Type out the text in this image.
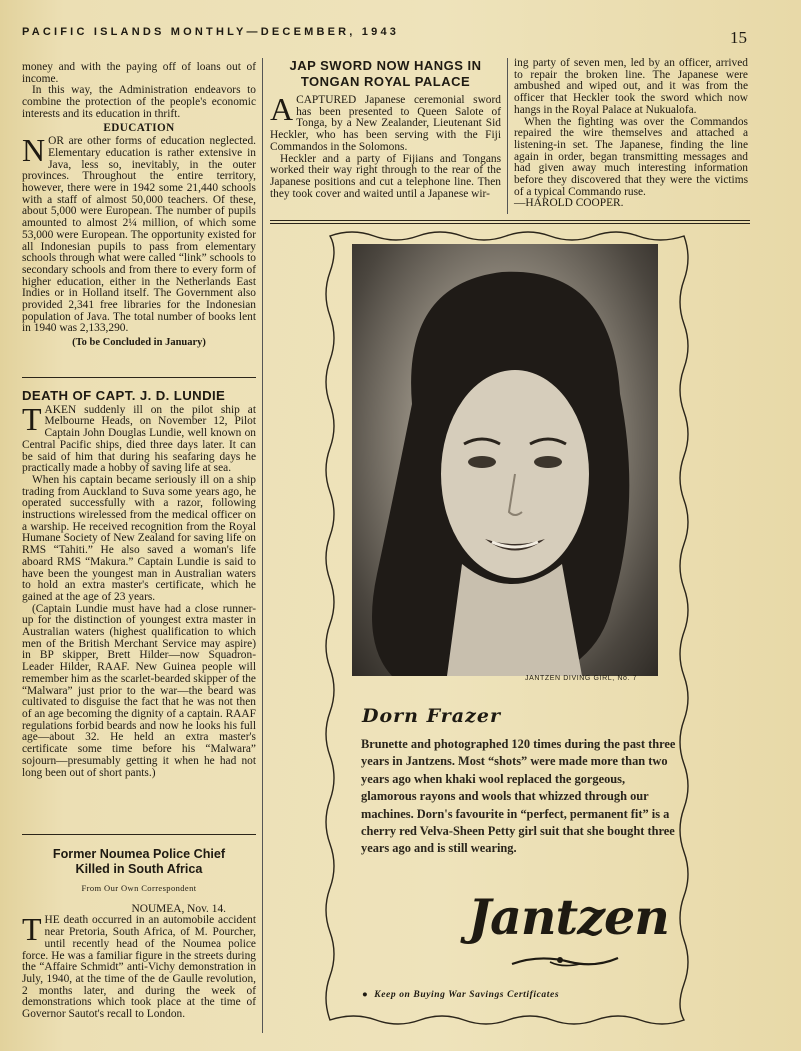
PACIFIC ISLANDS MONTHLY—DECEMBER, 1943	15

money and with the paying off of loans out of income.

In this way, the Administration endeavors to combine the protection of the people's economic interests and its education in thrift.

EDUCATION

NOR are other forms of education neglected. Elementary education is rather extensive in Java, less so, inevitably, in the outer provinces. Throughout the entire territory, however, there were in 1942 some 21,440 schools with a staff of almost 50,000 teachers. Of these, about 5,000 were European. The number of pupils amounted to almost 2¼ million, of which some 53,000 were European. The opportunity existed for all Indonesian pupils to pass from elementary schools through what were called “link” schools to secondary schools and from there to every form of higher education, either in the Netherlands East Indies or in Holland itself. The Government also provided 2,341 free libraries for the Indonesian population of Java. The total number of books lent in 1940 was 2,133,290.

(To be Concluded in January)
DEATH OF CAPT. J. D. LUNDIE

TAKEN suddenly ill on the pilot ship at Melbourne Heads, on November 12, Pilot Captain John Douglas Lundie, well known on Central Pacific ships, died three days later. It can be said of him that during his seafaring days he practically made a hobby of saving life at sea.

When his captain became seriously ill on a ship trading from Auckland to Suva some years ago, he operated successfully with a razor, following instructions wirelessed from the medical officer on a warship. He received recognition from the Royal Humane Society of New Zealand for saving life on RMS “Tahiti.” He also saved a woman's life aboard RMS “Makura.” Captain Lundie is said to have been the youngest man in Australian waters to hold an extra master's certificate, which he gained at the age of 23 years.

(Captain Lundie must have had a close runner-up for the distinction of youngest extra master in Australian waters (highest qualification to which men of the British Merchant Service may aspire) in BP skipper, Brett Hilder—now Squadron-Leader Hilder, RAAF. New Guinea people will remember him as the scarlet-bearded skipper of the “Malwara” just prior to the war—the beard was cultivated to disguise the fact that he was not then of an age becoming the dignity of a captain. RAAF regulations forbid beards and now he looks his full age—about 32. He held an extra master's certificate some time before his “Malwara” sojourn—presumably getting it when he had not long been out of short pants.)

Former Noumea Police Chief
Killed in South Africa
From Our Own Correspondent
NOUMEA, Nov. 14.

THE death occurred in an automobile accident near Pretoria, South Africa, of M. Pourcher, until recently head of the Noumea police force. He was a familiar figure in the streets during the “Affaire Schmidt” anti-Vichy demonstration in July, 1940, at the time of the de Gaulle revolution, 2 months later, and during the week of demonstrations which took place at the time of Governor Sautot's recall to London.

JAP SWORD NOW HANGS IN
TONGAN ROYAL PALACE

ACAPTURED Japanese ceremonial sword has been presented to Queen Salote of Tonga, by a New Zealander, Lieutenant Sid Heckler, who has been serving with the Fiji Commandos in the Solomons.

Heckler and a party of Fijians and Tongans worked their way right through to the rear of the Japanese positions and cut a telephone line. Then they took cover and waited until a Japanese wir-

ing party of seven men, led by an officer, arrived to repair the broken line. The Japanese were ambushed and wiped out, and it was from the officer that Heckler took the sword which now hangs in the Royal Palace at Nukualofa.

When the fighting was over the Commandos repaired the wire themselves and attached a listening-in set. The Japanese, finding the line again in order, began transmitting messages and had given away much interesting information before they discovered that they were the victims of a typical Commando ruse.

—HAROLD COOPER.

JANTZEN DIVING GIRL, No. 7
Dorn Frazer
Brunette and photographed 120 times during the past three years in Jantzens. Most “shots” were made more than two years ago when khaki wool replaced the gorgeous, glamorous rayons and wools that whizzed through our machines. Dorn's favourite in “perfect, permanent fit” is a cherry red Velva-Sheen Petty girl suit that she bought three years ago and is still wearing.
Jantzen
● Keep on Buying War Savings Certificates
